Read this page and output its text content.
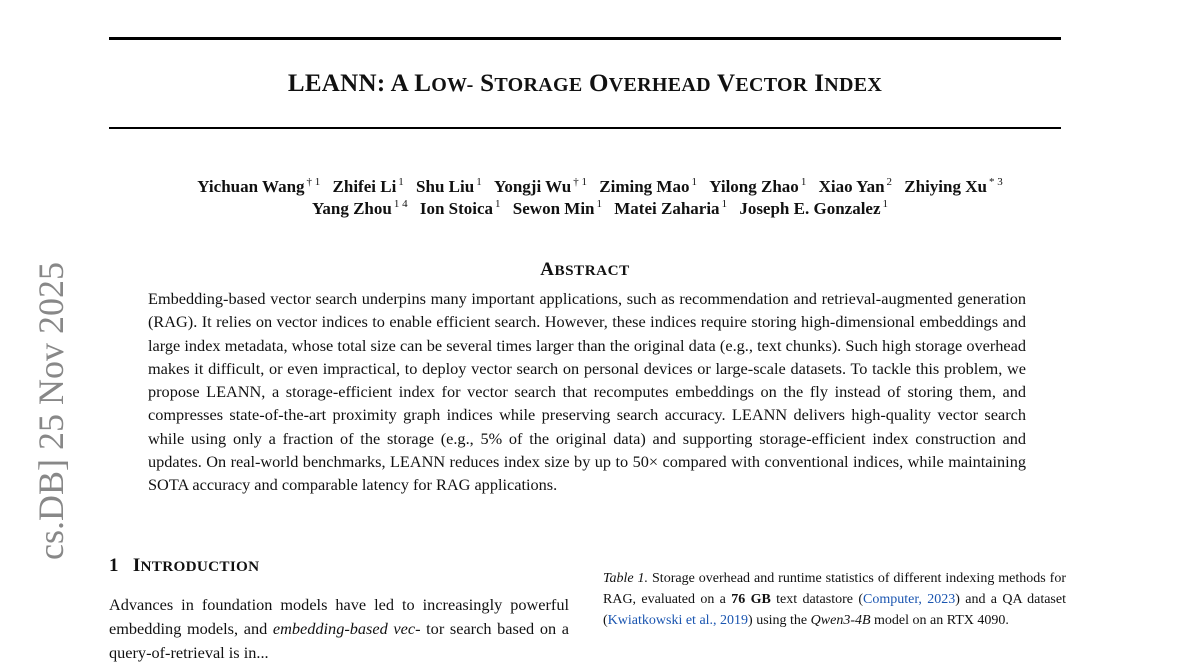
LEANN: A LOW- STORAGE OVERHEAD VECTOR INDEX
Yichuan Wang $^{\dagger 1}$ Zhifei Li $^1$ Shu Liu $^1$ Yongji Wu $^{\dagger 1}$ Ziming Mao $^1$ Yilong Zhao $^1$ Xiao Yan $^2$ Zhiying Xu $^{* 3}$
Yang Zhou $^{1 4}$ Ion Stoica $^1$ Sewon Min $^1$ Matei Zaharia $^1$ Joseph E. Gonzalez $^1$
ABSTRACT
Embedding-based vector search underpins many important applications, such as recommendation and retrieval-augmented generation (RAG). It relies on vector indices to enable efficient search. However, these indices require storing high-dimensional embeddings and large index metadata, whose total size can be several times larger than the original data (e.g., text chunks). Such high storage overhead makes it difficult, or even impractical, to deploy vector search on personal devices or large-scale datasets. To tackle this problem, we propose LEANN, a storage-efficient index for vector search that recomputes embeddings on the fly instead of storing them, and compresses state-of-the-art proximity graph indices while preserving search accuracy. LEANN delivers high-quality vector search while using only a fraction of the storage (e.g., 5% of the original data) and supporting storage-efficient index construction and updates. On real-world benchmarks, LEANN reduces index size by up to 50× compared with conventional indices, while maintaining SOTA accuracy and comparable latency for RAG applications.
cs.DB] 25 Nov 2025
1 INTRODUCTION
Advances in foundation models have led to increasingly powerful embedding models, and embedding-based vec- tor search based on a query-of-retrieval is in...
Table 1. Storage overhead and runtime statistics of different indexing methods for RAG, evaluated on a 76 GB text datastore (Computer, 2023) and a QA dataset (Kwiatkowski et al., 2019) using the Qwen3-4B model on an RTX 4090.
